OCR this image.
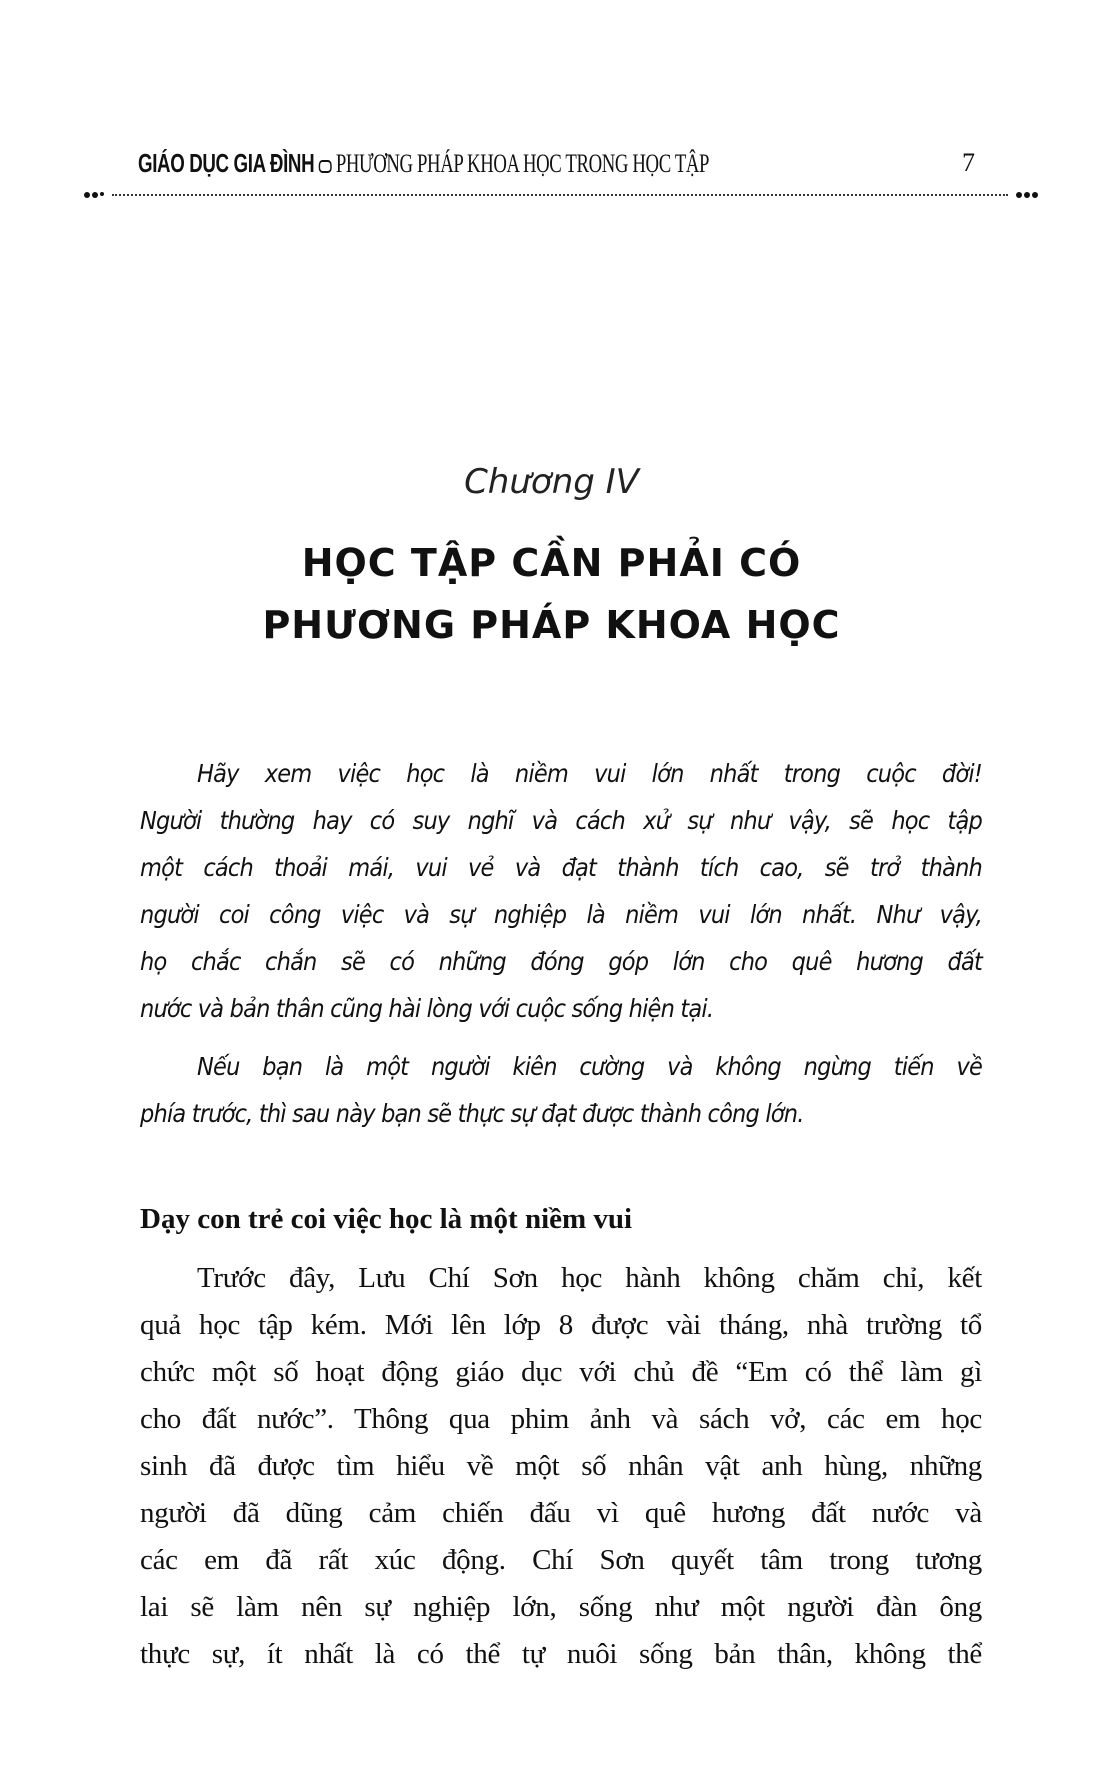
GIÁO DỤC GIA ĐÌNH PHƯƠNG PHÁP KHOA HỌC TRONG HỌC TẬP	7
Chương IV
HỌC TẬP CẦN PHẢI CÓ
PHƯƠNG PHÁP KHOA HỌC
Hãy xem việc học là niềm vui lớn nhất trong cuộc đời!
Người thường hay có suy nghĩ và cách xử sự như vậy, sẽ học tập
một cách thoải mái, vui vẻ và đạt thành tích cao, sẽ trở thành
người coi công việc và sự nghiệp là niềm vui lớn nhất. Như vậy,
họ chắc chắn sẽ có những đóng góp lớn cho quê hương đất
nước và bản thân cũng hài lòng với cuộc sống hiện tại.
Nếu bạn là một người kiên cường và không ngừng tiến về
phía trước, thì sau này bạn sẽ thực sự đạt được thành công lớn.
Dạy con trẻ coi việc học là một niềm vui
Trước đây, Lưu Chí Sơn học hành không chăm chỉ, kết
quả học tập kém. Mới lên lớp 8 được vài tháng, nhà trường tổ
chức một số hoạt động giáo dục với chủ đề “Em có thể làm gì
cho đất nước”. Thông qua phim ảnh và sách vở, các em học
sinh đã được tìm hiểu về một số nhân vật anh hùng, những
người đã dũng cảm chiến đấu vì quê hương đất nước và
các em đã rất xúc động. Chí Sơn quyết tâm trong tương
lai sẽ làm nên sự nghiệp lớn, sống như một người đàn ông
thực sự, ít nhất là có thể tự nuôi sống bản thân, không thể
